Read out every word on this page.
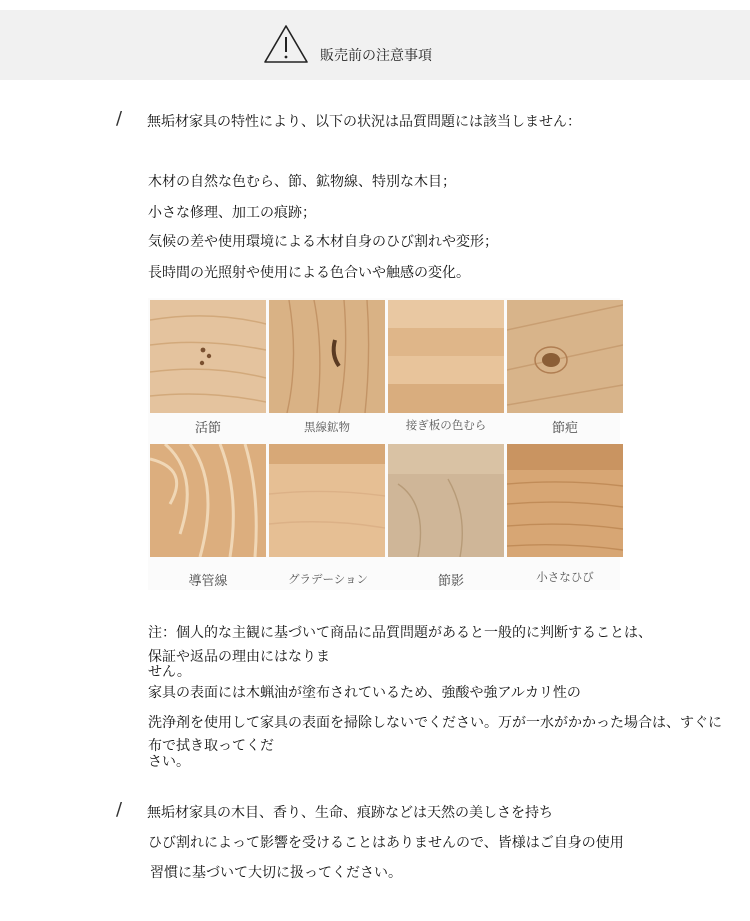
販売前の注意事項
/ 無垢材家具の特性により、以下の状況は品質問題には該当しません：
木材の自然な色むら、節、鉱物線、特別な木目；
小さな修理、加工の痕跡；
気候の差や使用環境による木材自身のひび割れや変形；
長時間の光照射や使用による色合いや触感の変化。
活節	黒線鉱物	接ぎ板の色むら	節疤
導管線	グラデーション	節影	小さなひび
注：個人的な主観に基づいて商品に品質問題があると一般的に判断することは、
保証や返品の理由にはなりま
せん。
家具の表面には木蝋油が塗布されているため、強酸や強アルカリ性の
洗浄剤を使用して家具の表面を掃除しないでください。万が一水がかかった場合は、すぐに
布で拭き取ってくだ
さい。
/ 無垢材家具の木目、香り、生命、痕跡などは天然の美しさを持ち
ひび割れによって影響を受けることはありませんので、皆様はご自身の使用
習慣に基づいて大切に扱ってください。
